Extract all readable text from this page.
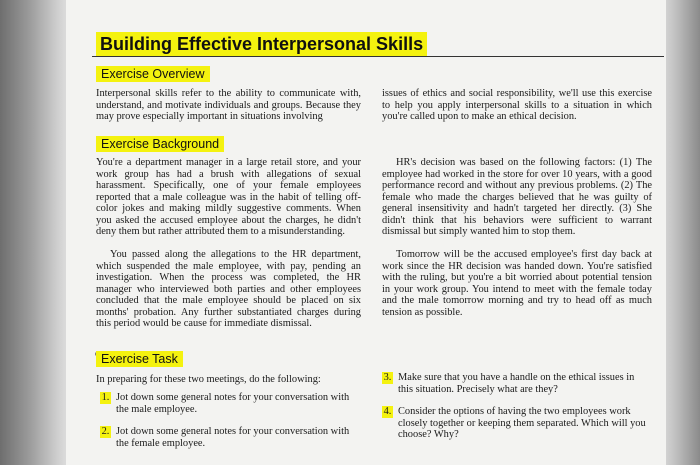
Building Effective Interpersonal Skills
Exercise Overview

Interpersonal skills refer to the ability to communicate with, understand, and motivate individuals and groups. Because they may prove especially important in situations involving

issues of ethics and social responsibility, we'll use this exercise to help you apply interpersonal skills to a situation in which you're called upon to make an ethical decision.

Exercise Background

You're a department manager in a large retail store, and your work group has had a brush with allegations of sexual harassment. Specifically, one of your female employees reported that a male colleague was in the habit of telling off-color jokes and making mildly suggestive comments. When you asked the accused employee about the charges, he didn't deny them but rather attributed them to a misunderstanding.

You passed along the allegations to the HR department, which suspended the male employee, with pay, pending an investigation. When the process was completed, the HR manager who interviewed both parties and other employees concluded that the male employee should be placed on six months' probation. Any further substantiated charges during this period would be cause for immediate dismissal.

HR's decision was based on the following factors: (1) The employee had worked in the store for over 10 years, with a good performance record and without any previous problems. (2) The female who made the charges believed that he was guilty of general insensitivity and hadn't targeted her directly. (3) She didn't think that his behaviors were sufficient to warrant dismissal but simply wanted him to stop them.

Tomorrow will be the accused employee's first day back at work since the HR decision was handed down. You're satisfied with the ruling, but you're a bit worried about potential tension in your work group. You intend to meet with the female today and the male tomorrow morning and try to head off as much tension as possible.

Exercise Task

In preparing for these two meetings, do the following:

1. Jot down some general notes for your conversation with the male employee.
2. Jot down some general notes for your conversation with the female employee.
3. Make sure that you have a handle on the ethical issues in this situation. Precisely what are they?
4. Consider the options of having the two employees work closely together or keeping them separated. Which will you choose? Why?
